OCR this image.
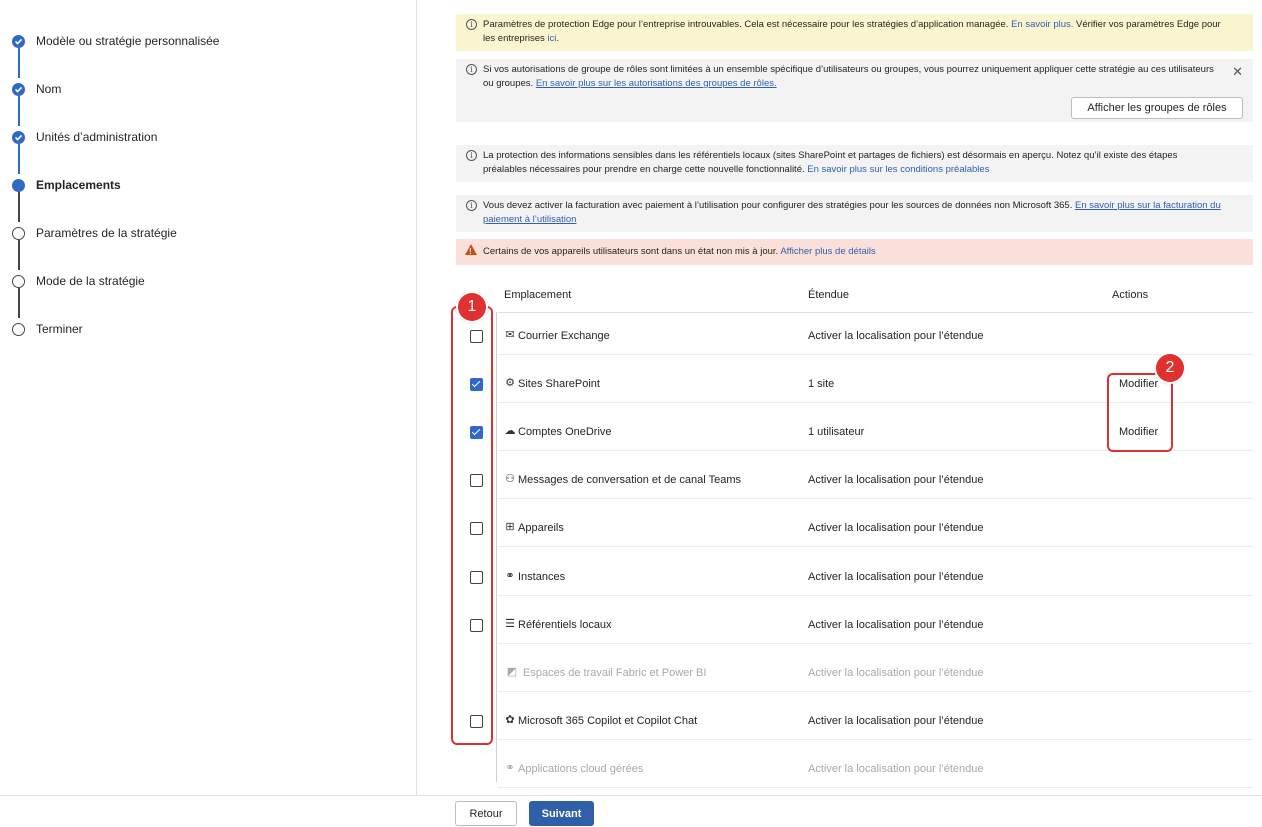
Modèle ou stratégie personnalisée
Nom
Unités d’administration
Emplacements
Paramètres de la stratégie
Mode de la stratégie
Terminer
i	Paramètres de protection Edge pour l’entreprise introuvables. Cela est nécessaire pour les stratégies d’application managée. En savoir plus. Vérifier vos paramètres Edge pour les entreprises ici.
i	Si vos autorisations de groupe de rôles sont limitées à un ensemble spécifique d’utilisateurs ou groupes, vous pourrez uniquement appliquer cette stratégie au ces utilisateurs ou groupes. En savoir plus sur les autorisations des groupes de rôles.
✕
Afficher les groupes de rôles
i	La protection des informations sensibles dans les référentiels locaux (sites SharePoint et partages de fichiers) est désormais en aperçu. Notez qu’il existe des étapes préalables nécessaires pour prendre en charge cette nouvelle fonctionnalité. En savoir plus sur les conditions préalables
i	Vous devez activer la facturation avec paiement à l’utilisation pour configurer des stratégies pour les sources de données non Microsoft 365. En savoir plus sur la facturation du paiement à l’utilisation
!
Certains de vos appareils utilisateurs sont dans un état non mis à jour. Afficher plus de détails
Emplacement	Étendue	Actions
✉ Courrier Exchange	Activer la localisation pour l’étendue
⚙ Sites SharePoint	1 site	Modifier
☁ Comptes OneDrive	1 utilisateur	Modifier
⚇ Messages de conversation et de canal Teams	Activer la localisation pour l’étendue
⊞ Appareils	Activer la localisation pour l’étendue
⚭ Instances	Activer la localisation pour l’étendue
☰ Référentiels locaux	Activer la localisation pour l’étendue
◩ Espaces de travail Fabric et Power BI	Activer la localisation pour l’étendue
✿ Microsoft 365 Copilot et Copilot Chat	Activer la localisation pour l’étendue
⚭ Applications cloud gérées	Activer la localisation pour l’étendue
1
2
Retour	Suivant
